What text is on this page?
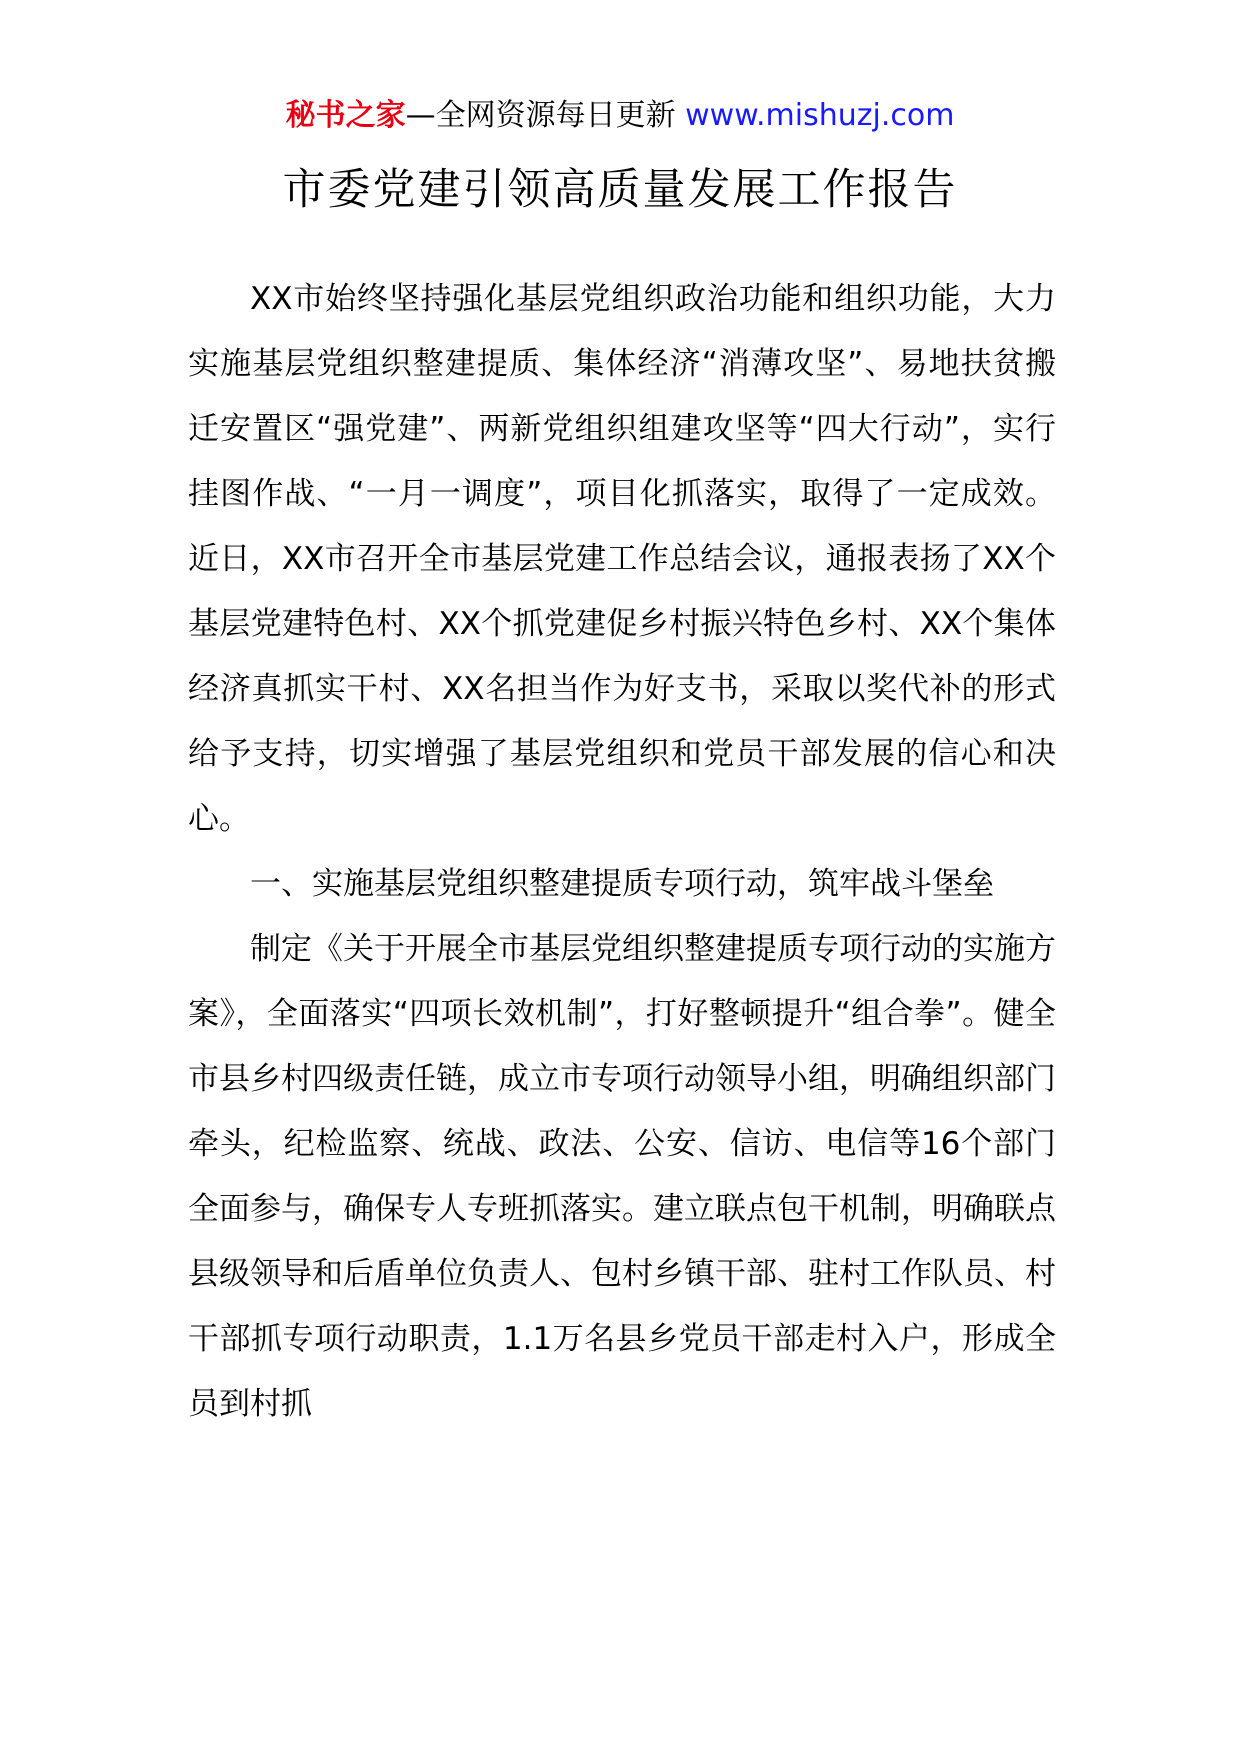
秘书之家—全网资源每日更新 www.mishuzj.com
市委党建引领高质量发展工作报告

XX市始终坚持强化基层党组织政治功能和组织功能，大力实施基层党组织整建提质、集体经济“消薄攻坚”、易地扶贫搬迁安置区“强党建”、两新党组织组建攻坚等“四大行动”，实行挂图作战、“一月一调度”，项目化抓落实，取得了一定成效。近日，XX市召开全市基层党建工作总结会议，通报表扬了XX个基层党建特色村、XX个抓党建促乡村振兴特色乡村、XX个集体经济真抓实干村、XX名担当作为好支书，采取以奖代补的形式给予支持，切实增强了基层党组织和党员干部发展的信心和决心。

一、实施基层党组织整建提质专项行动，筑牢战斗堡垒

制定《关于开展全市基层党组织整建提质专项行动的实施方案》，全面落实“四项长效机制”，打好整顿提升“组合拳”。健全市县乡村四级责任链，成立市专项行动领导小组，明确组织部门牵头，纪检监察、统战、政法、公安、信访、电信等16个部门全面参与，确保专人专班抓落实。建立联点包干机制，明确联点县级领导和后盾单位负责人、包村乡镇干部、驻村工作队员、村干部抓专项行动职责，1.1万名县乡党员干部走村入户，形成全员到村抓
